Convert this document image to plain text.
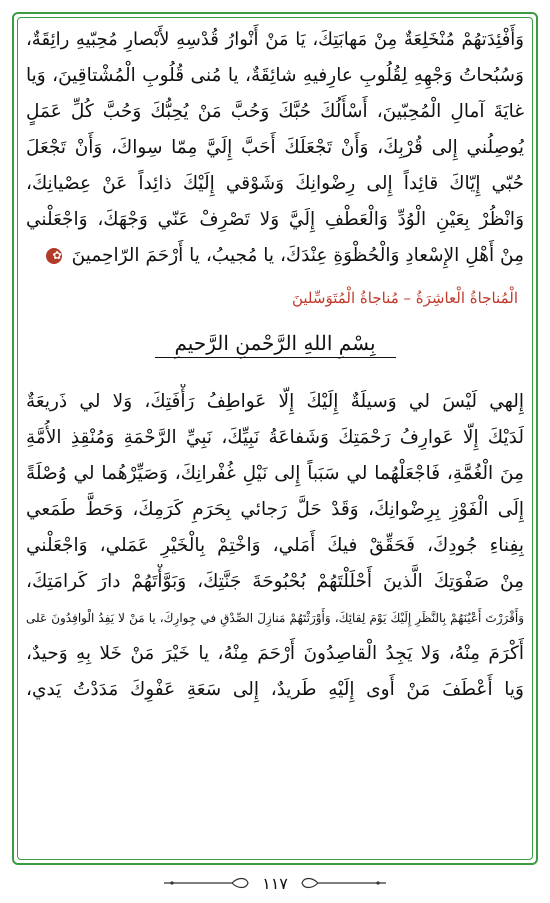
وَأَفْئِدَتهُمْ مُنْخَلِعَةٌ مِنْ مَهابَتِكَ، يَا مَنْ أَنْوارُ قُدْسِهِ لأَبْصارِ مُحِبّيهِ رائِقَةٌ،
وَسُبُحاتُ وَجْهِهِ لِقُلُوبِ عارِفيهِ شائِقَةٌ، يا مُنى قُلُوبِ الْمُشْتاقِينَ، وَيا
غايَةَ آمالِ الْمُحِبّينَ، أَسْأَلُكَ حُبَّكَ وَحُبَّ مَنْ يُحِبُّكَ وَحُبَّ كُلِّ عَمَلٍ
يُوصِلُني إِلى قُرْبِكَ، وَأَنْ تَجْعَلَكَ أَحَبَّ إِلَيَّ مِمّا سِواكَ، وَأَنْ تَجْعَلَ
حُبّي إِيّاكَ قائِداً إِلى رِضْوانِكَ وَشَوْقي إِلَيْكَ ذائِداً عَنْ عِصْيانِكَ،
وَانْظُرْ بِعَيْنِ الْوُدِّ وَالْعَطْفِ إِلَيَّ وَلا تَصْرِفْ عَنّي وَجْهَكَ، وَاجْعَلْني
مِنْ أَهْلِ الإِسْعادِ وَالْحُظْوَةِ عِنْدَكَ، يا مُجيبُ، يا أَرْحَمَ الرّاحِمينَ ✿
الْمُناجاةُ الْعاشِرَةُ – مُناجاةُ الْمُتَوَسِّلينَ
بِسْمِ اللهِ الرَّحْمنِ الرَّحيمِ
إِلهي لَيْسَ لي وَسيلَةٌ إِلَيْكَ إِلّا عَواطِفُ رَأْفَتِكَ، وَلا لي ذَريعَةٌ
لَدَيْكَ إِلّا عَوارِفُ رَحْمَتِكَ وَشَفاعَةُ نَبِيِّكَ، نَبِيِّ الرَّحْمَةِ وَمُنْقِذِ الأُمَّةِ
مِنَ الْغُمَّةِ، فَاجْعَلْهُما لي سَبَباً إِلى نَيْلِ غُفْرانِكَ، وَصَيِّرْهُما لي وُصْلَةً
إِلَى الْفَوْزِ بِرِضْوانِكَ، وَقَدْ حَلَّ رَجائي بِحَرَمِ كَرَمِكَ، وَحَطَّ طَمَعي
بِفِناءِ جُودِكَ، فَحَقِّقْ فيكَ أَمَلي، وَاخْتِمْ بِالْخَيْرِ عَمَلي، وَاجْعَلْني
مِنْ صَفْوَتِكَ الَّذينَ أَحْلَلْتَهُمْ بُحْبُوحَةَ جَنَّتِكَ، وَبَوَّأْتَهُمْ دارَ كَرامَتِكَ،
وَأَقْرَرْتَ أَعْيُنَهُمْ بِالنَّظَرِ إِلَيْكَ يَوْمَ لِقائِكَ، وَأَوْرَثْتَهُمْ مَنازِلَ الصِّدْقِ في جِوارِكَ، يا مَنْ لا يَفِدُ الْوافِدُونَ عَلى
أَكْرَمَ مِنْهُ، وَلا يَجِدُ الْقاصِدُونَ أَرْحَمَ مِنْهُ، يا خَيْرَ مَنْ خَلا بِهِ وَحيدٌ،
وَيا أَعْطَفَ مَنْ أَوى إِلَيْهِ طَريدٌ، إِلى سَعَةِ عَفْوِكَ مَدَدْتُ يَدي،
١١٧
